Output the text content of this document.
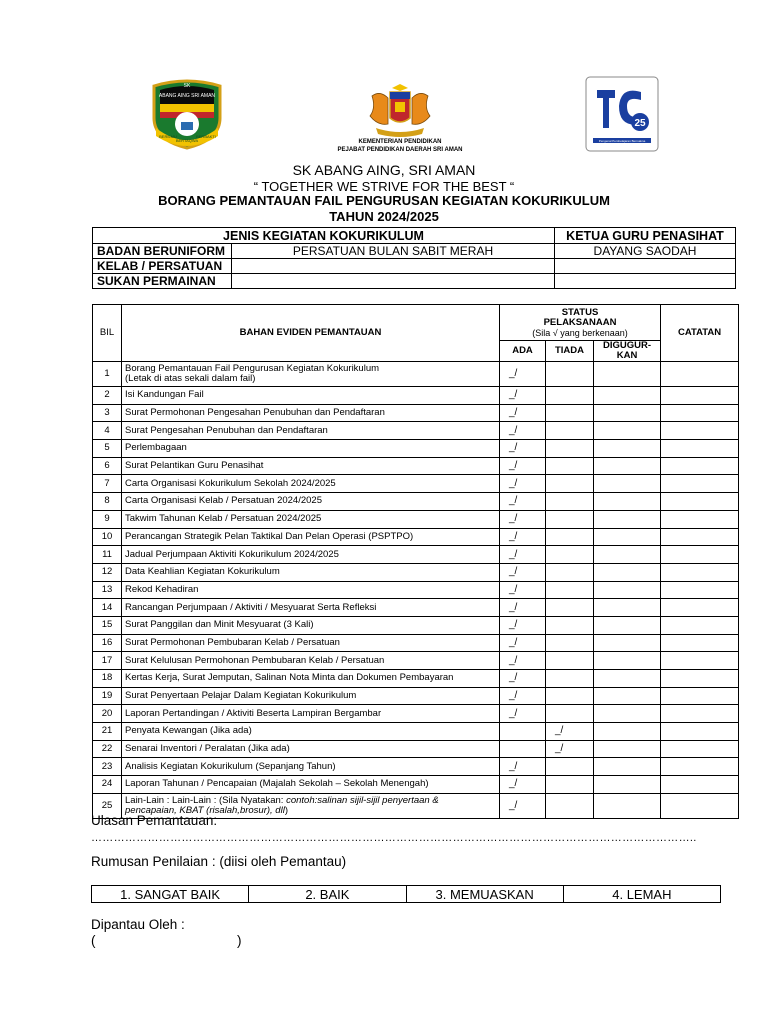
SK
ABANG AING SRI AMAN
BERILMU
BERTAQWA
BERBAKTI
KEMENTERIAN PENDIDIKAN
PEJABAT PENDIDIKAN DAERAH SRI AMAN
25
Pengenal Pembelajaran Bermakna
SK ABANG AING, SRI AMAN
“ TOGETHER WE STRIVE FOR THE BEST “
BORANG PEMANTAUAN FAIL PENGURUSAN KEGIATAN KOKURIKULUM
TAHUN 2024/2025
JENIS KEGIATAN KOKURIKULUM		KETUA GURU PENASIHAT
BADAN BERUNIFORM	PERSATUAN BULAN SABIT MERAH	DAYANG SAODAH
KELAB / PERSATUAN		
SUKAN PERMAINAN		
BIL	BAHAN EVIDEN PEMANTAUAN	STATUS
PELAKSANAAN
(Sila √ yang berkenaan)			CATATAN
		ADA	TIADA	DIGUGUR-
KAN	

1	Borang Pemantauan Fail Pengurusan Kegiatan Kokurikulum
(Letak di atas sekali dalam fail)	_/			
2	Isi Kandungan Fail	_/			
3	Surat Permohonan Pengesahan Penubuhan dan Pendaftaran	_/			
4	Surat Pengesahan Penubuhan dan Pendaftaran	_/			
5	Perlembagaan	_/			
6	Surat Pelantikan Guru Penasihat	_/			
7	Carta Organisasi Kokurikulum Sekolah 2024/2025	_/			
8	Carta Organisasi Kelab / Persatuan 2024/2025	_/			
9	Takwim Tahunan Kelab / Persatuan 2024/2025	_/			
10	Perancangan Strategik Pelan Taktikal Dan Pelan Operasi (PSPTPO)	_/			
11	Jadual Perjumpaan Aktiviti Kokurikulum 2024/2025	_/			
12	Data Keahlian Kegiatan Kokurikulum	_/			
13	Rekod Kehadiran	_/			
14	Rancangan Perjumpaan / Aktiviti / Mesyuarat Serta Refleksi	_/			
15	Surat Panggilan dan Minit Mesyuarat (3 Kali)	_/			
16	Surat Permohonan Pembubaran Kelab / Persatuan	_/			
17	Surat Kelulusan Permohonan Pembubaran Kelab / Persatuan	_/			
18	Kertas Kerja, Surat Jemputan, Salinan Nota Minta dan Dokumen Pembayaran	_/			
19	Surat Penyertaan Pelajar Dalam Kegiatan Kokurikulum	_/			
20	Laporan Pertandingan / Aktiviti Beserta Lampiran Bergambar	_/			
21	Penyata Kewangan (Jika ada)		_/		
22	Senarai Inventori / Peralatan (Jika ada)		_/		
23	Analisis Kegiatan Kokurikulum (Sepanjang Tahun)	_/			
24	Laporan Tahunan / Pencapaian (Majalah Sekolah – Sekolah Menengah)	_/			
25	Lain-Lain : Lain-Lain : (Sila Nyatakan: contoh:salinan sijil-sijil penyertaan &
pencapaian, KBAT (risalah,brosur), dll)	_/			
Ulasan Pemantauan:
……………………………………………………………………………………………………………………………………………..
Rumusan Penilaian : (diisi oleh Pemantau)
1. SANGAT BAIK	2. BAIK	3. MEMUASKAN	4. LEMAH
Dipantau Oleh :
(	)
